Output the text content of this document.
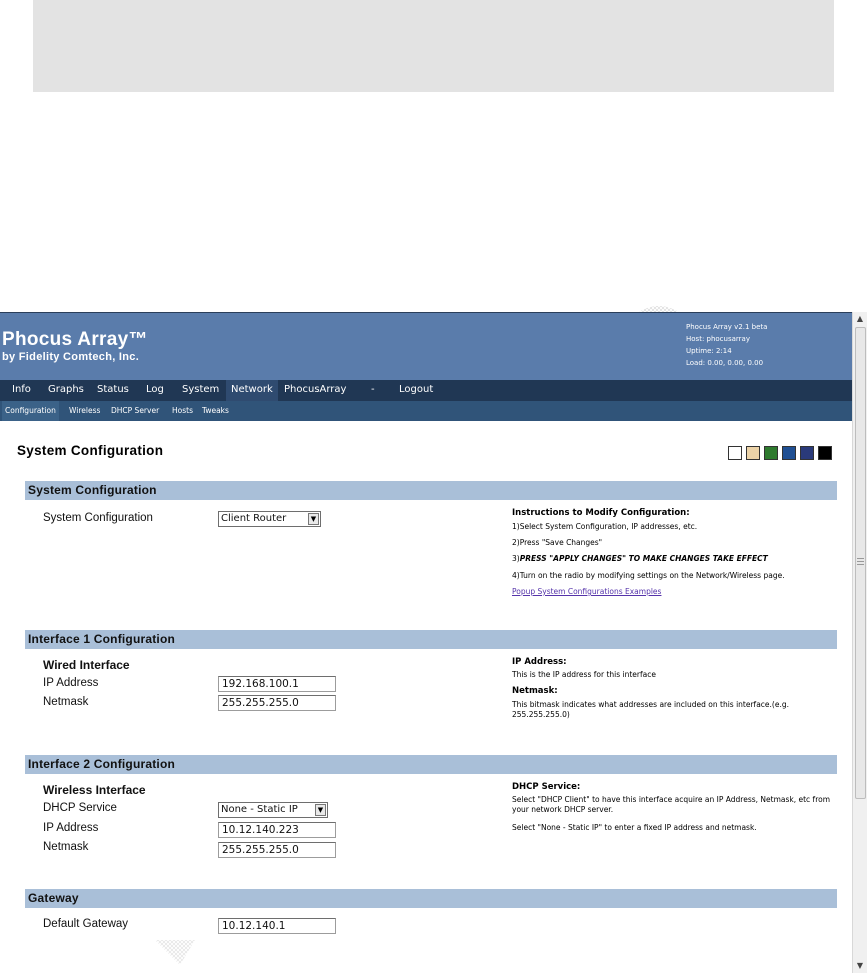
Phocus Array™
by Fidelity Comtech, Inc.
Phocus Array v2.1 beta
Host: phocusarray
Uptime: 2:14
Load: 0.00, 0.00, 0.00
Info	Graphs	Status	Log	System	Network	PhocusArray	-	Logout
Configuration	Wireless	DHCP Server	Hosts	Tweaks
System Configuration
System Configuration
System Configuration	Client Router	▼
Instructions to Modify Configuration:
1)Select System Configuration, IP addresses, etc.
2)Press "Save Changes"
3)PRESS "APPLY CHANGES" TO MAKE CHANGES TAKE EFFECT
4)Turn on the radio by modifying settings on the Network/Wireless page.
Popup System Configurations Examples
Interface 1 Configuration
Wired Interface
IP Address	192.168.100.1
Netmask	255.255.255.0
IP Address:
This is the IP address for this interface
Netmask:
This bitmask indicates what addresses are included on this interface.(e.g. 255.255.255.0)
Interface 2 Configuration
Wireless Interface
DHCP Service	None - Static IP	▼
IP Address	10.12.140.223
Netmask	255.255.255.0
DHCP Service:
Select "DHCP Client" to have this interface acquire an IP Address, Netmask, etc from your network DHCP server.
Select "None - Static IP" to enter a fixed IP address and netmask.
Gateway
Default Gateway	10.12.140.1
▲
▼
